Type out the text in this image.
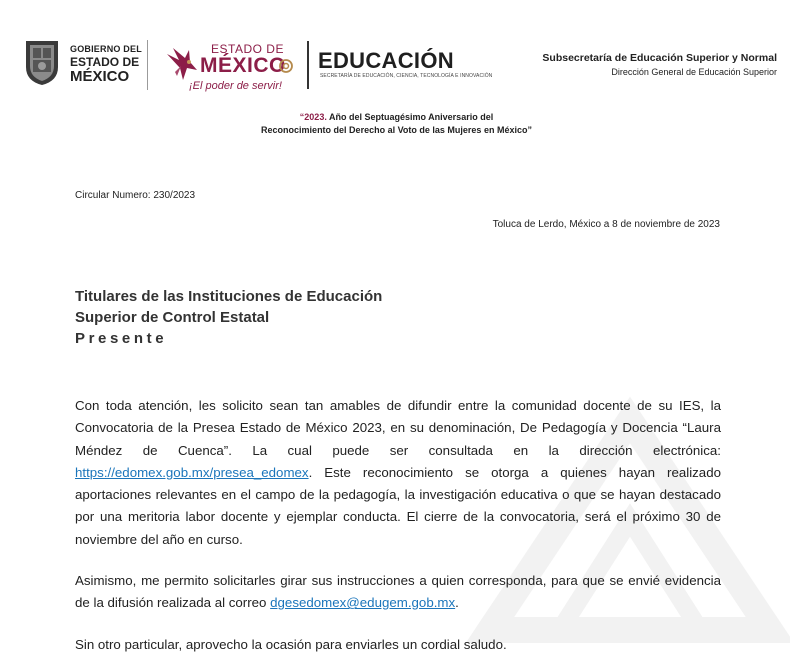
GOBIERNO DEL
ESTADO DE
MÉXICO
ESTADO DE
MÉXICO
¡El poder de servir!
EDUCACIÓN
SECRETARÍA DE EDUCACIÓN, CIENCIA, TECNOLOGÍA E INNOVACIÓN
Subsecretaría de Educación Superior y Normal
Dirección General de Educación Superior
“2023. Año del Septuagésimo Aniversario del
Reconocimiento del Derecho al Voto de las Mujeres en México”
Circular Numero: 230/2023
Toluca de Lerdo, México a 8 de noviembre de 2023
Titulares de las Instituciones de Educación
Superior de Control Estatal
Presente
Con toda atención, les solicito sean tan amables de difundir entre la comunidad docente de su IES, la Convocatoria de la Presea Estado de México 2023, en su denominación, De Pedagogía y Docencia “Laura Méndez de Cuenca”. La cual puede ser consultada en la dirección electrónica: https://edomex.gob.mx/presea_edomex. Este reconocimiento se otorga a quienes hayan realizado aportaciones relevantes en el campo de la pedagogía, la investigación educativa o que se hayan destacado por una meritoria labor docente y ejemplar conducta. El cierre de la convocatoria, será el próximo 30 de noviembre del año en curso.
Asimismo, me permito solicitarles girar sus instrucciones a quien corresponda, para que se envié evidencia de la difusión realizada al correo dgesedomex@edugem.gob.mx.
Sin otro particular, aprovecho la ocasión para enviarles un cordial saludo.
